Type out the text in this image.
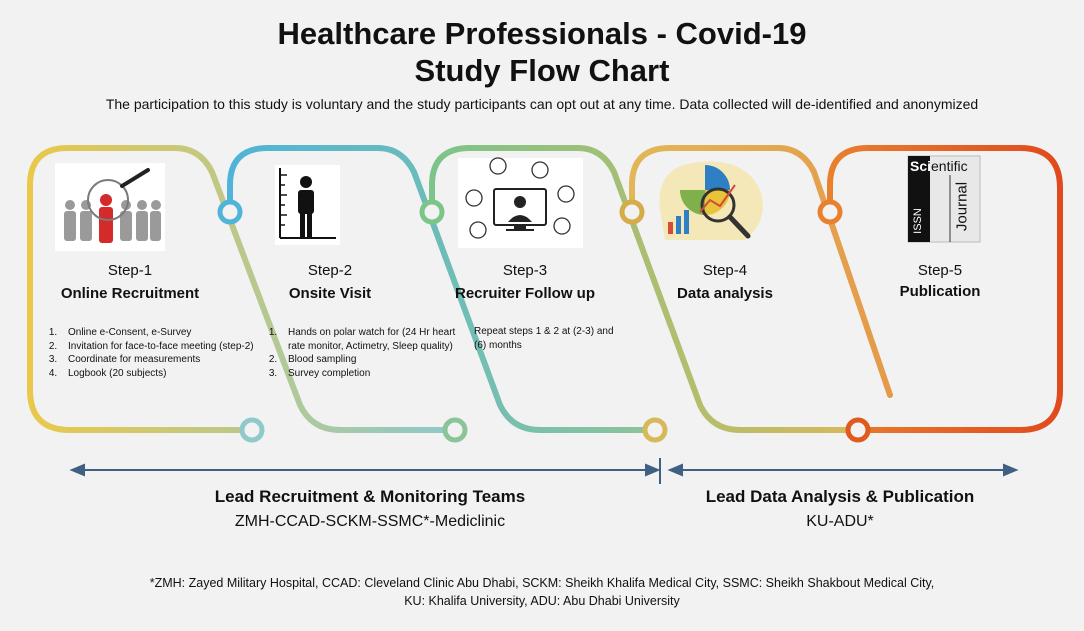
Scientific
ISSN Journal
Healthcare Professionals - Covid-19
Study Flow Chart
The participation to this study is voluntary and the study participants can opt out at any time. Data collected will de-identified and anonymized
Step-1
Online Recruitment
1. Online e-Consent, e-Survey
2. Invitation for face-to-face meeting (step-2)
3. Coordinate for measurements
4. Logbook (20 subjects)
Step-2
Onsite Visit
1. Hands on polar watch for (24 Hr heart rate monitor, Actimetry, Sleep quality)
2. Blood sampling
3. Survey completion
Step-3
Recruiter Follow up
Repeat steps 1 & 2 at (2-3) and (6) months
Step-4
Data analysis
Step-5
Publication
Lead Recruitment & Monitoring Teams
ZMH-CCAD-SCKM-SSMC*-Mediclinic
Lead Data Analysis & Publication
KU-ADU*
*ZMH: Zayed Military Hospital, CCAD: Cleveland Clinic Abu Dhabi, SCKM: Sheikh Khalifa Medical City, SSMC: Sheikh Shakbout Medical City,
KU: Khalifa University, ADU: Abu Dhabi University
